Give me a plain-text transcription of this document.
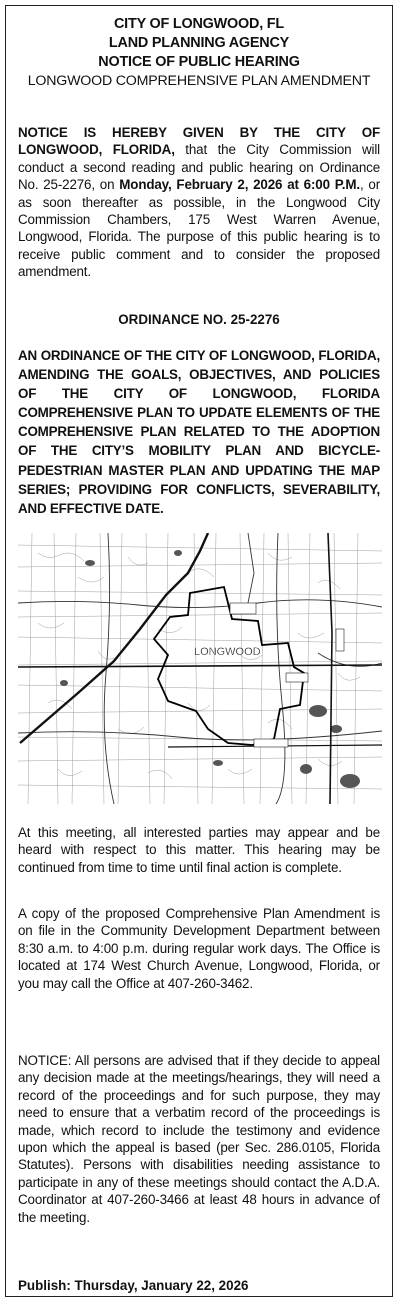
CITY OF LONGWOOD, FL
LAND PLANNING AGENCY
NOTICE OF PUBLIC HEARING
LONGWOOD COMPREHENSIVE PLAN AMENDMENT

NOTICE IS HEREBY GIVEN BY THE CITY OF LONGWOOD, FLORIDA, that the City Commission will conduct a second reading and public hearing on Ordinance No. 25-2276, on Monday, February 2, 2026 at 6:00 P.M., or as soon thereafter as possible, in the Longwood City Commission Chambers, 175 West Warren Avenue, Longwood, Florida. The purpose of this public hearing is to receive public comment and to consider the proposed amendment.

ORDINANCE NO. 25-2276
AN ORDINANCE OF THE CITY OF LONGWOOD, FLORIDA, AMENDING THE GOALS, OBJECTIVES, AND POLICIES OF THE CITY OF LONGWOOD, FLORIDA COMPREHENSIVE PLAN TO UPDATE ELEMENTS OF THE COMPREHENSIVE PLAN RELATED TO THE ADOPTION OF THE CITY’S MOBILITY PLAN AND BICYCLE-PEDESTRIAN MASTER PLAN AND UPDATING THE MAP SERIES; PROVIDING FOR CONFLICTS, SEVERABILITY, AND EFFECTIVE DATE.
LONGWOOD

At this meeting, all interested parties may appear and be heard with respect to this matter. This hearing may be continued from time to time until final action is complete.

A copy of the proposed Comprehensive Plan Amendment is on file in the Community Development Department between 8:30 a.m. to 4:00 p.m. during regular work days. The Office is located at 174 West Church Avenue, Longwood, Florida, or you may call the Office at 407-260-3462.

NOTICE: All persons are advised that if they decide to appeal any decision made at the meetings/hearings, they will need a record of the proceedings and for such purpose, they may need to ensure that a verbatim record of the proceedings is made, which record to include the testimony and evidence upon which the appeal is based (per Sec. 286.0105, Florida Statutes). Persons with disabilities needing assistance to participate in any of these meetings should contact the A.D.A. Coordinator at 407-260-3466 at least 48 hours in advance of the meeting.

Publish: Thursday, January 22, 2026
